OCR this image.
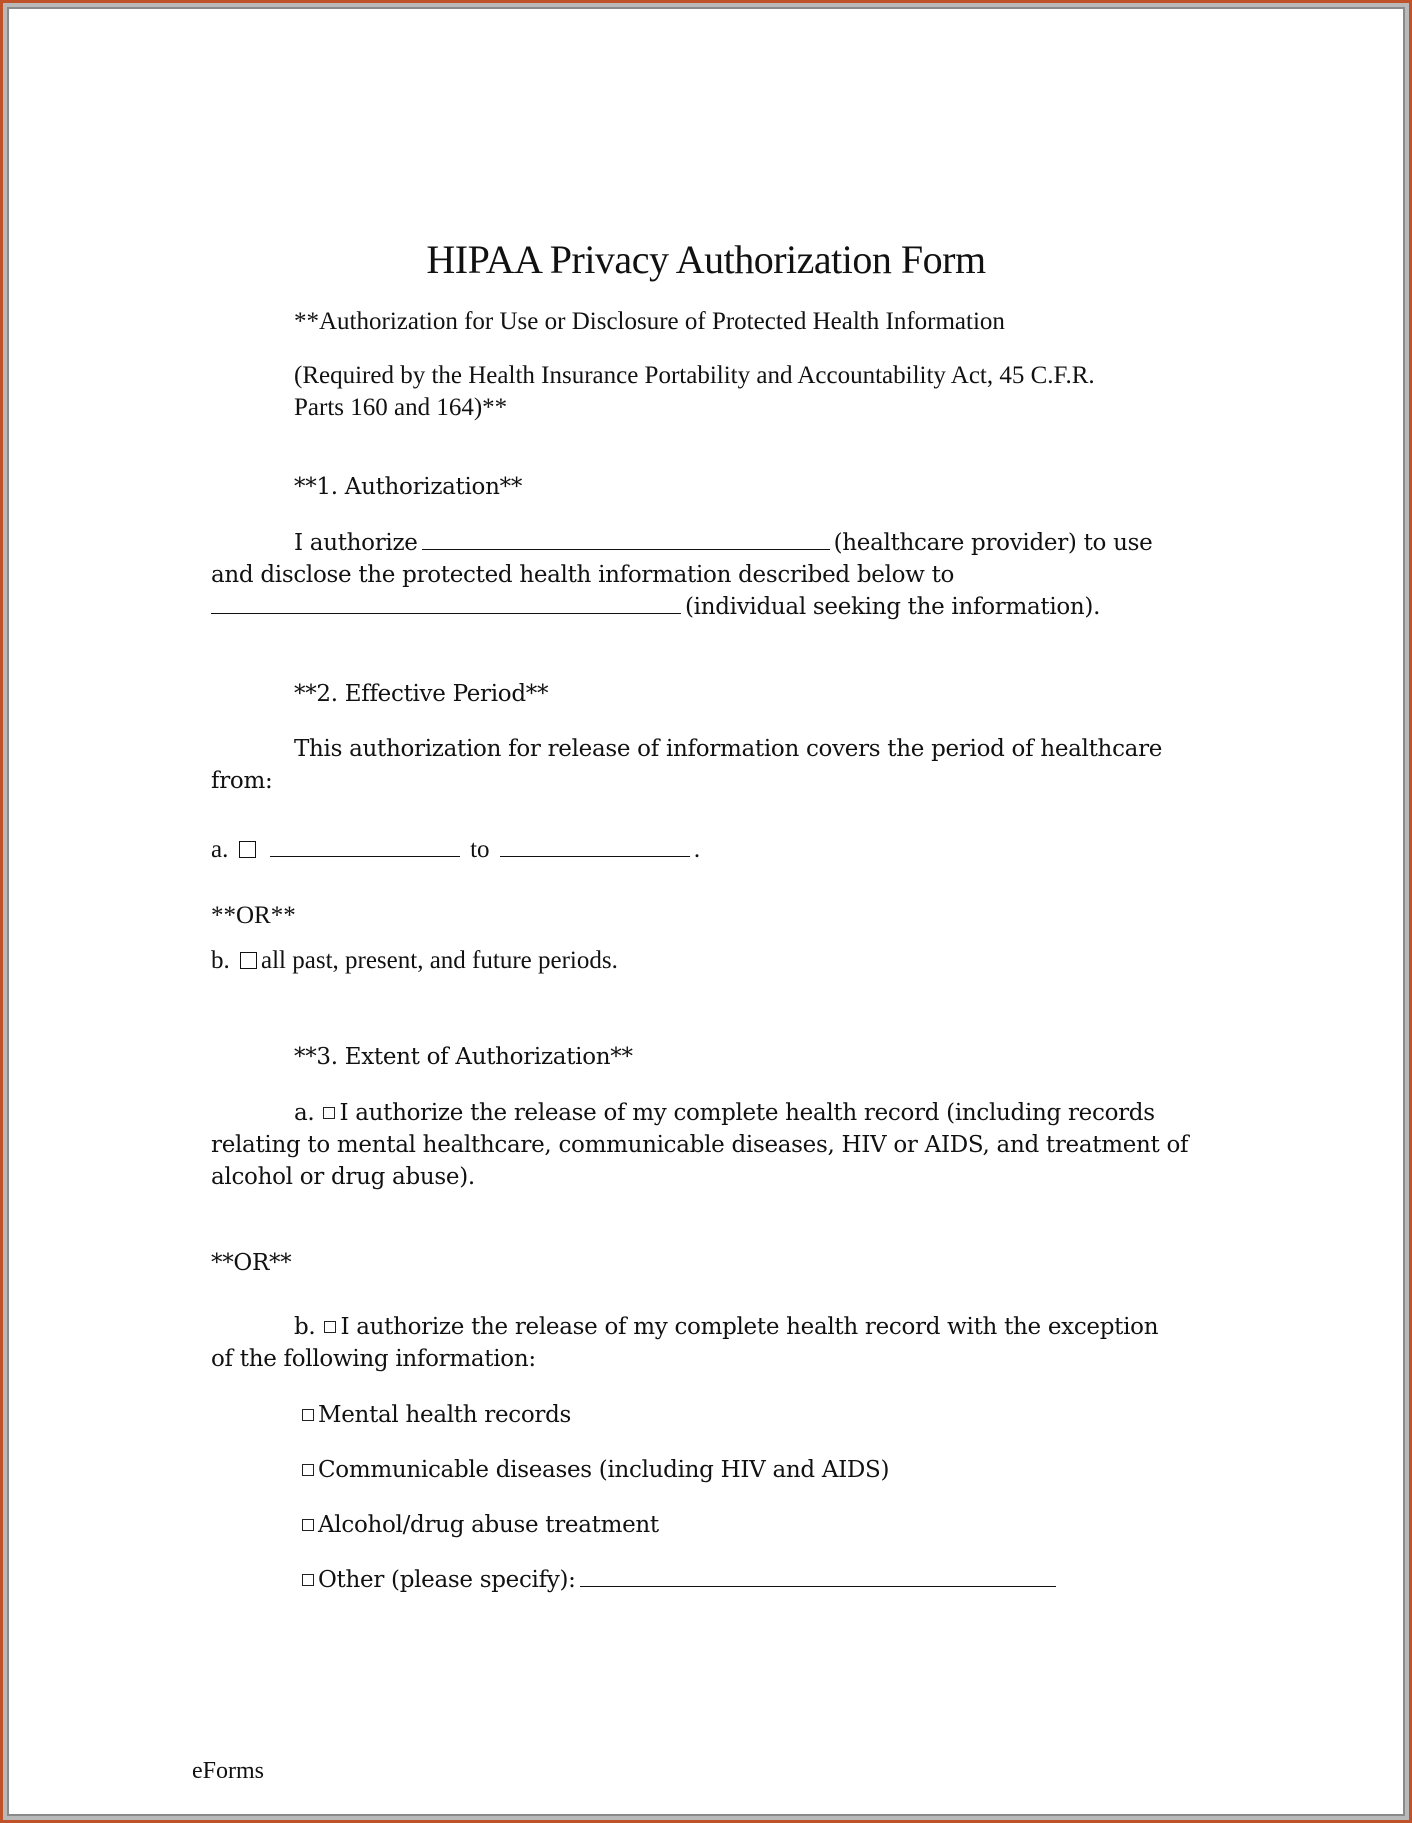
HIPAA Privacy Authorization Form
**Authorization for Use or Disclosure of Protected Health Information
(Required by the Health Insurance Portability and Accountability Act, 45 C.F.R.
Parts 160 and 164)**
**1. Authorization**
I authorize	(healthcare provider) to use
and disclose the protected health information described below to
(individual seeking the information).
**2. Effective Period**
This authorization for release of information covers the period of healthcare
from:
a.	to	.
**OR**
b. all past, present, and future periods.
**3. Extent of Authorization**
a. I authorize the release of my complete health record (including records
relating to mental healthcare, communicable diseases, HIV or AIDS, and treatment of
alcohol or drug abuse).
**OR**
b. I authorize the release of my complete health record with the exception
of the following information:
Mental health records
Communicable diseases (including HIV and AIDS)
Alcohol/drug abuse treatment
Other (please specify):
eForms
